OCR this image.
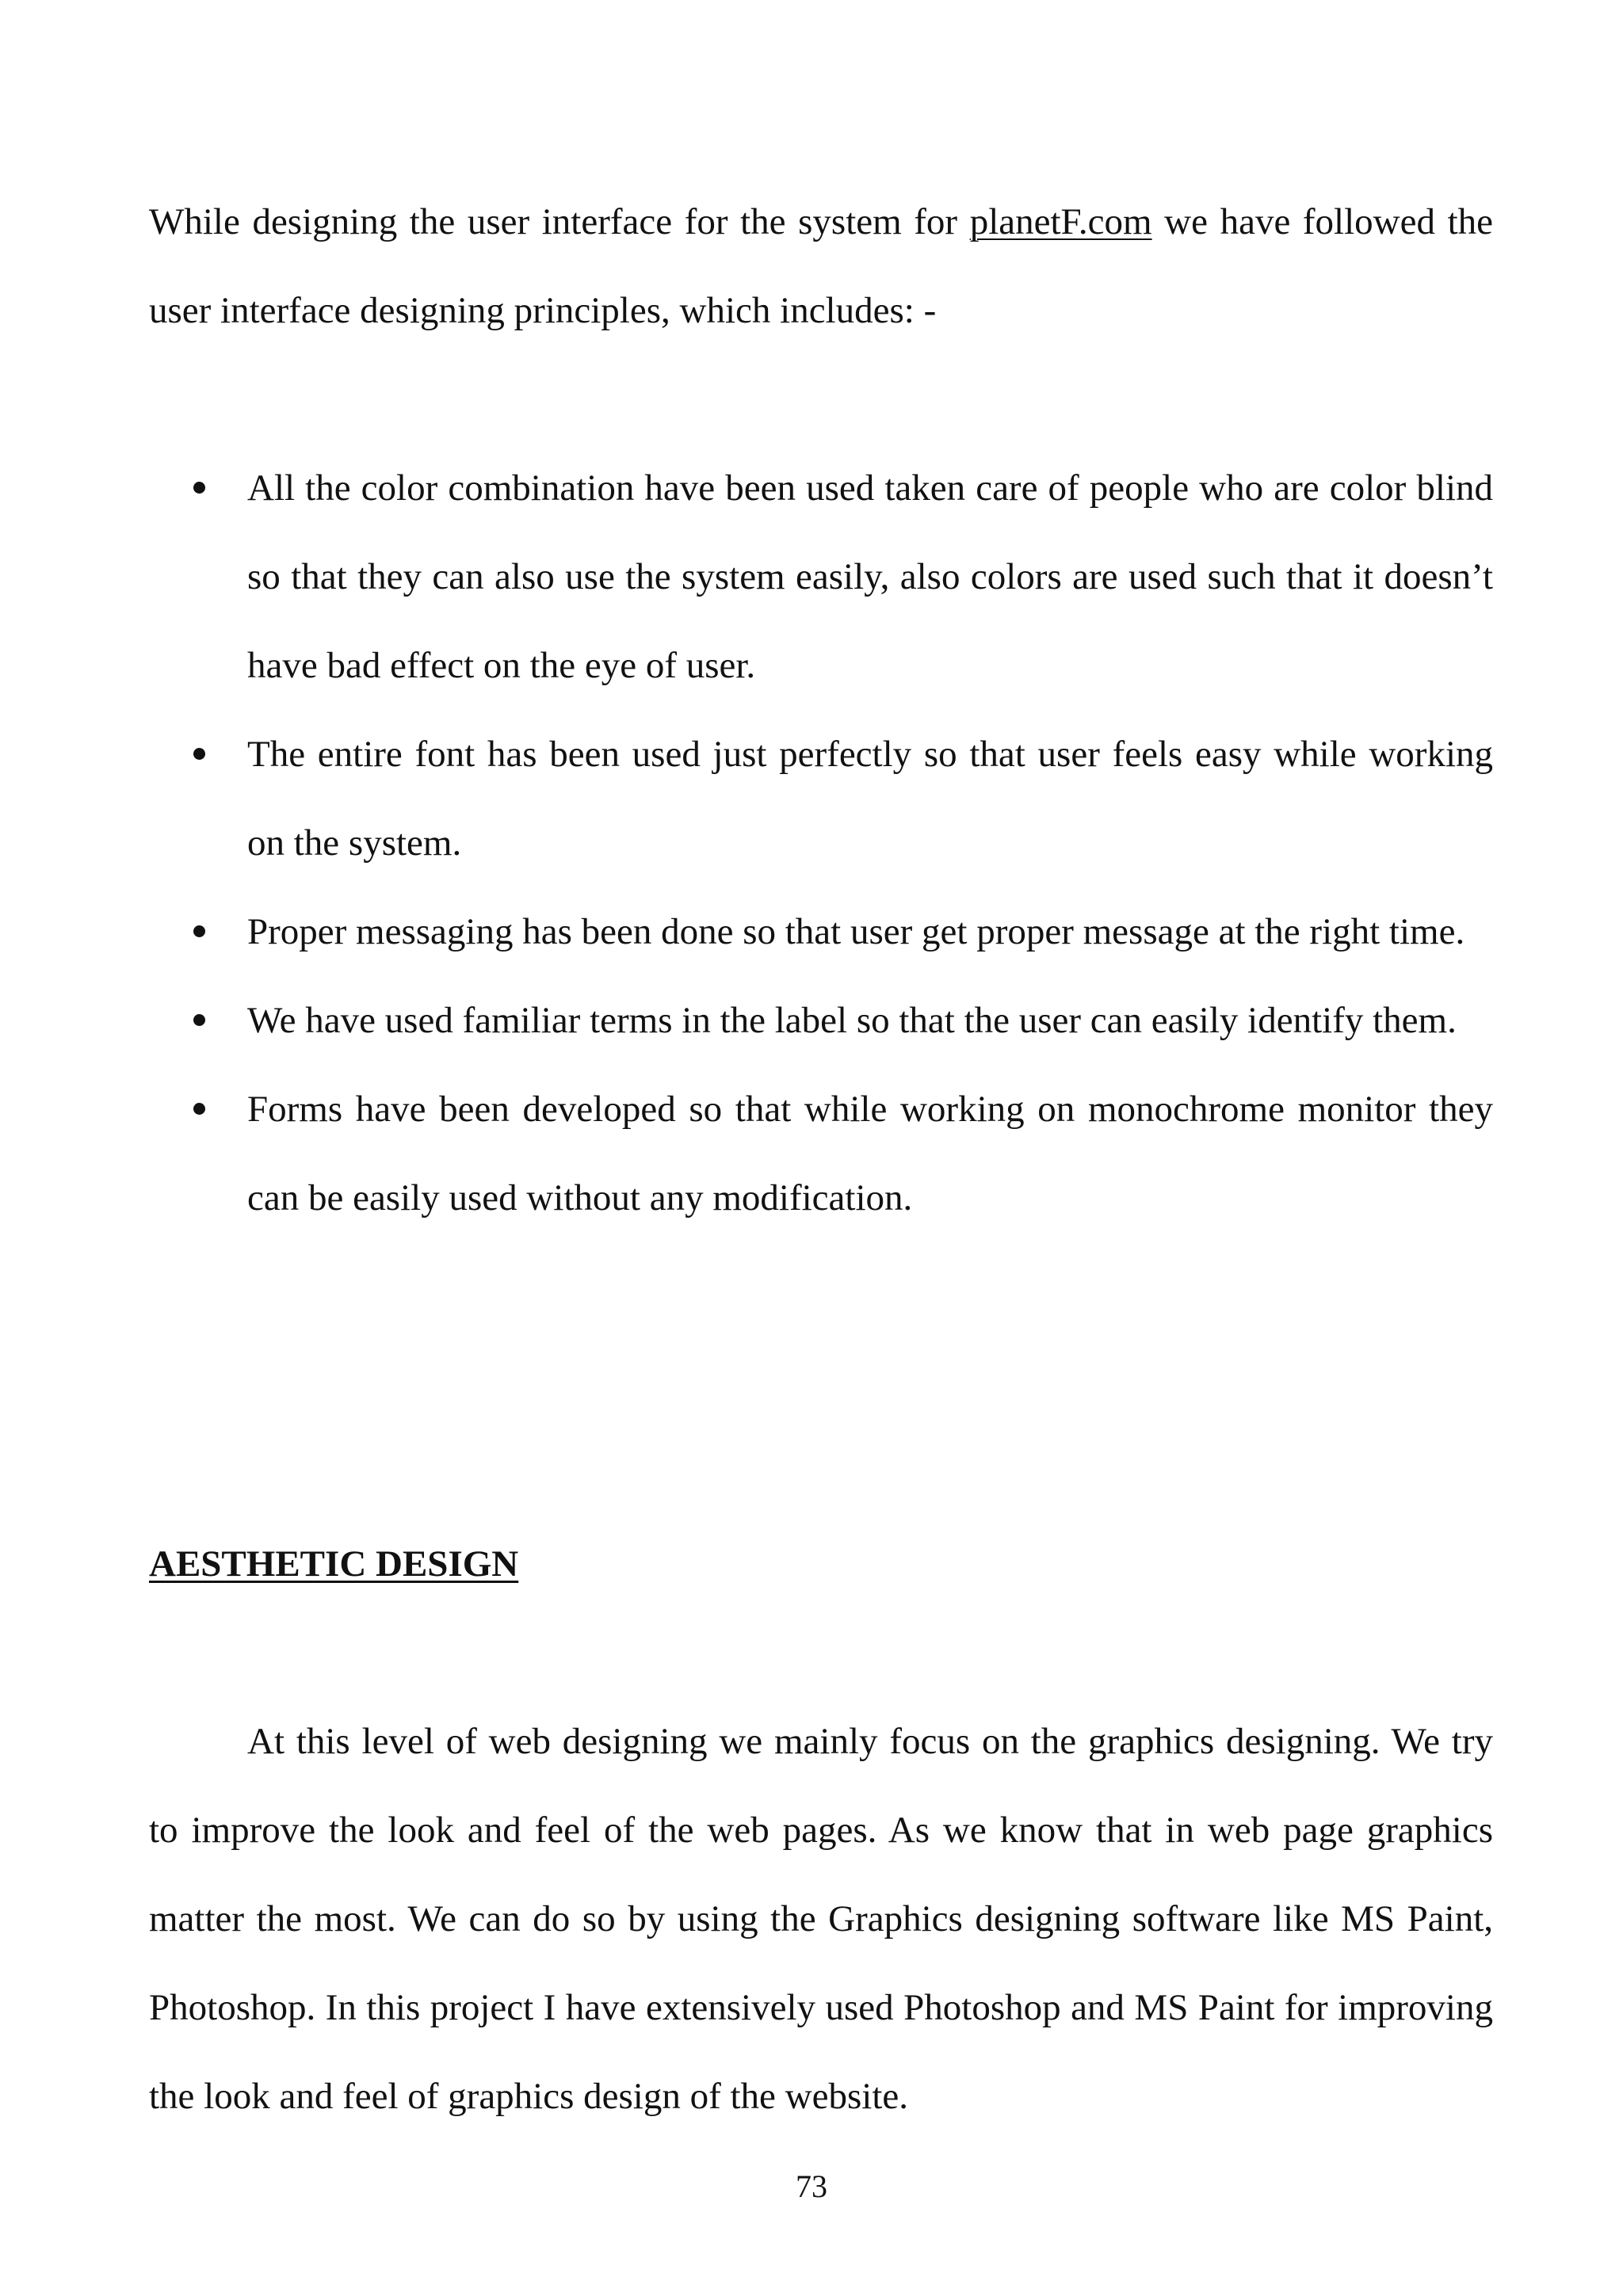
While designing the user interface for the system for planetF.com we have followed the user interface designing principles, which includes: -

All the color combination have been used taken care of people who are color blind so that they can also use the system easily, also colors are used such that it doesn’t have bad effect on the eye of user.
The entire font has been used just perfectly so that user feels easy while working on the system.
Proper messaging has been done so that user get proper message at the right time.
We have used familiar terms in the label so that the user can easily identify them.
Forms have been developed so that while working on monochrome monitor they can be easily used without any modification.
AESTHETIC DESIGN

At this level of web designing we mainly focus on the graphics designing. We try to improve the look and feel of the web pages. As we know that in web page graphics matter the most. We can do so by using the Graphics designing software like MS Paint, Photoshop. In this project I have extensively used Photoshop and MS Paint for improving the look and feel of graphics design of the website.

73
